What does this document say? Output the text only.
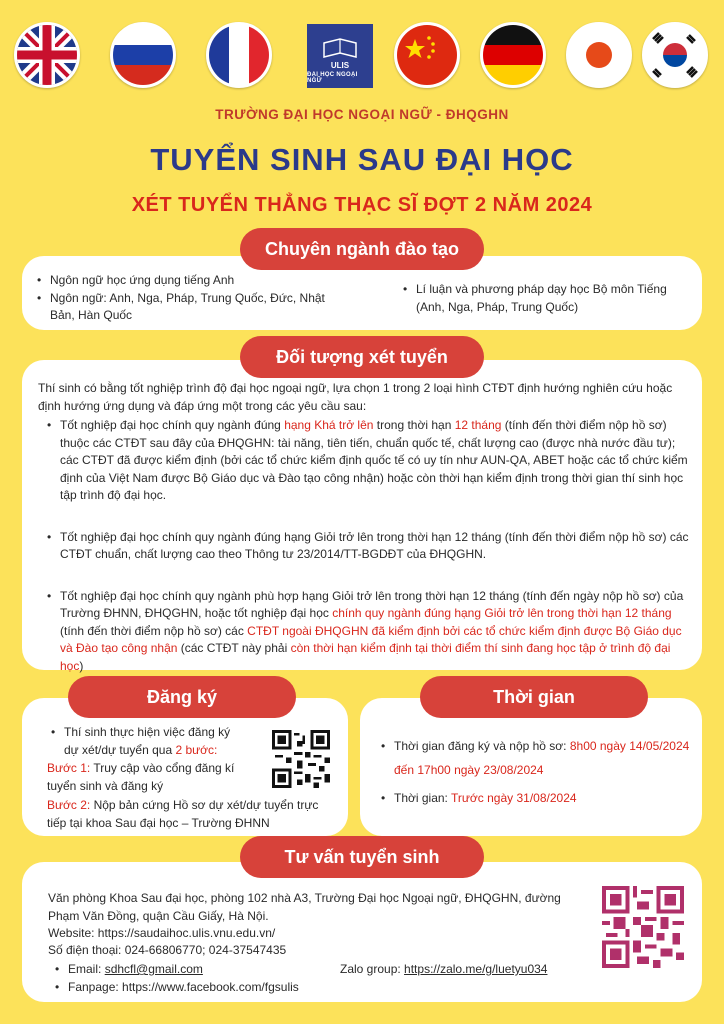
ULIS
ĐẠI HỌC NGOẠI NGỮ
TRƯỜNG ĐẠI HỌC NGOẠI NGỮ - ĐHQGHN
TUYỂN SINH SAU ĐẠI HỌC
XÉT TUYỂN THẲNG THẠC SĨ ĐỢT 2 NĂM 2024
• Ngôn ngữ học ứng dụng tiếng Anh
• Ngôn ngữ: Anh, Nga, Pháp, Trung Quốc, Đức, Nhật Bản, Hàn Quốc
• Lí luận và phương pháp dạy học Bộ môn Tiếng (Anh, Nga, Pháp, Trung Quốc)
Chuyên ngành đào tạo
Thí sinh có bằng tốt nghiệp trình độ đại học ngoại ngữ, lựa chọn 1 trong 2 loại hình CTĐT định hướng nghiên cứu hoặc định hướng ứng dụng và đáp ứng một trong các yêu cầu sau:
• Tốt nghiệp đại học chính quy ngành đúng hạng Khá trở lên trong thời hạn 12 tháng (tính đến thời điểm nộp hồ sơ) thuộc các CTĐT sau đây của ĐHQGHN: tài năng, tiên tiến, chuẩn quốc tế, chất lượng cao (được nhà nước đầu tư); các CTĐT đã được kiểm định (bởi các tổ chức kiểm định quốc tế có uy tín như AUN-QA, ABET hoặc các tổ chức kiểm định của Việt Nam được Bộ Giáo dục và Đào tạo công nhận) hoặc còn thời hạn kiểm định trong thời gian thí sinh học tập trình độ đại học.
• Tốt nghiệp đại học chính quy ngành đúng hạng Giỏi trở lên trong thời hạn 12 tháng (tính đến thời điểm nộp hồ sơ) các CTĐT chuẩn, chất lượng cao theo Thông tư 23/2014/TT-BGDĐT của ĐHQGHN.
• Tốt nghiệp đại học chính quy ngành phù hợp hạng Giỏi trở lên trong thời hạn 12 tháng (tính đến ngày nộp hồ sơ) của Trường ĐHNN, ĐHQGHN, hoặc tốt nghiệp đại học chính quy ngành đúng hạng Giỏi trở lên trong thời hạn 12 tháng (tính đến thời điểm nộp hồ sơ) các CTĐT ngoài ĐHQGHN đã kiểm định bởi các tổ chức kiểm định được Bộ Giáo dục và Đào tạo công nhận (các CTĐT này phải còn thời hạn kiểm định tại thời điểm thí sinh đang học tập ở trình độ đại học)
Đối tượng xét tuyển
• Thí sinh thực hiện việc đăng ký dự xét/dự tuyển qua 2 bước:
Bước 1: Truy cập vào cổng đăng kí tuyển sinh và đăng ký
Bước 2: Nộp bản cứng Hồ sơ dự xét/dự tuyển trực tiếp tại khoa Sau đại học – Trường ĐHNN
Đăng ký
• Thời gian đăng ký và nộp hồ sơ: 8h00 ngày 14/05/2024 đến 17h00 ngày 23/08/2024
• Thời gian: Trước ngày 31/08/2024
Thời gian
Văn phòng Khoa Sau đại học, phòng 102 nhà A3, Trường Đại học Ngoại ngữ, ĐHQGHN, đường Phạm Văn Đồng, quận Cầu Giấy, Hà Nội.
Website: https://saudaihoc.ulis.vnu.edu.vn/
Số điện thoại: 024-66806770; 024-37547435
• Email: sdhcfl@gmail.com
• Fanpage: https://www.facebook.com/fgsulis
Zalo group: https://zalo.me/g/luetyu034
Tư vấn tuyển sinh
